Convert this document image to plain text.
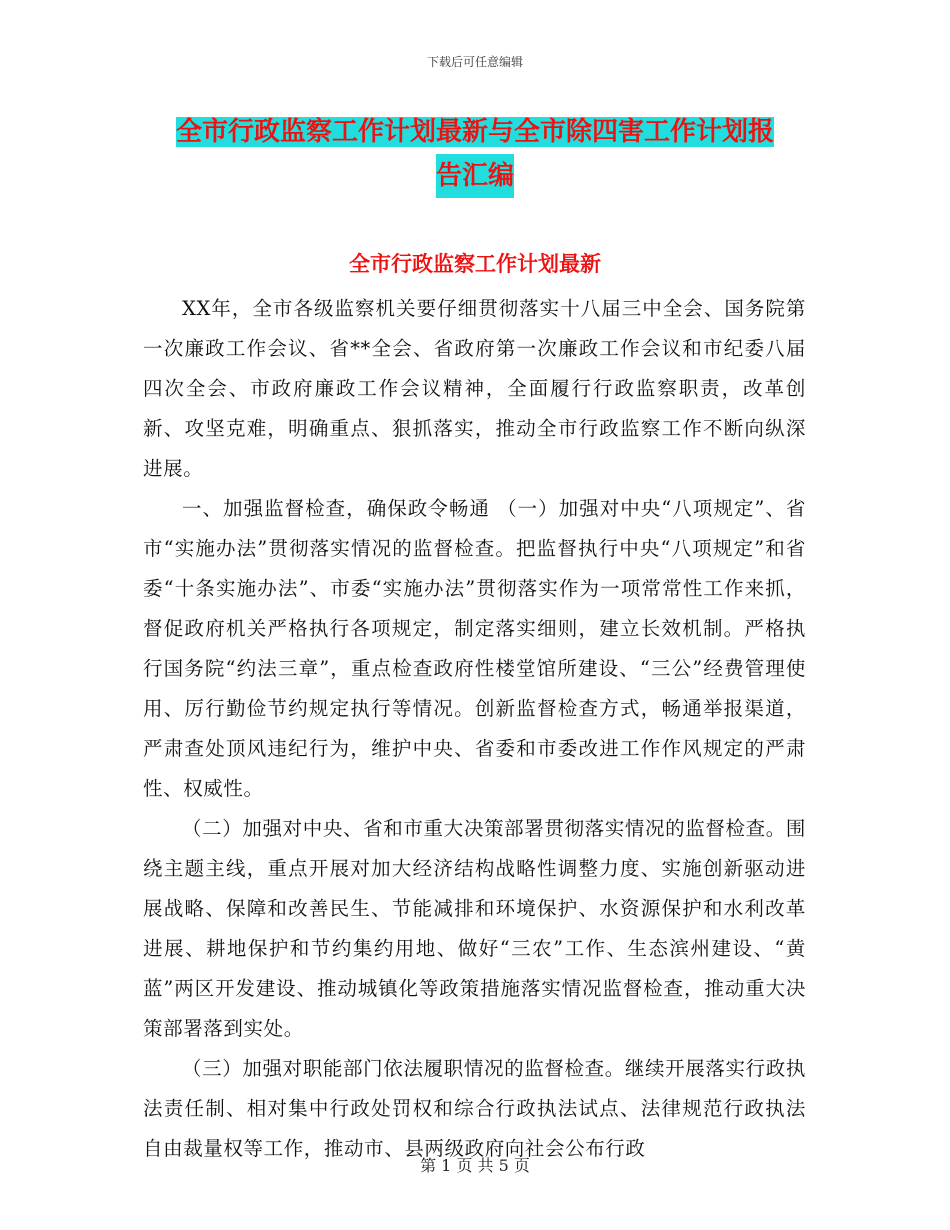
下载后可任意编辑
全市行政监察工作计划最新与全市除四害工作计划报
告汇编
全市行政监察工作计划最新

XX年，全市各级监察机关要仔细贯彻落实十八届三中全会、国务院第一次廉政工作会议、省**全会、省政府第一次廉政工作会议和市纪委八届四次全会、市政府廉政工作会议精神，全面履行行政监察职责，改革创新、攻坚克难，明确重点、狠抓落实，推动全市行政监察工作不断向纵深进展。

一、加强监督检查，确保政令畅通 （一）加强对中央“八项规定”、省市“实施办法”贯彻落实情况的监督检查。把监督执行中央“八项规定”和省委“十条实施办法”、市委“实施办法”贯彻落实作为一项常常性工作来抓，督促政府机关严格执行各项规定，制定落实细则，建立长效机制。严格执行国务院“约法三章”，重点检查政府性楼堂馆所建设、“三公”经费管理使用、厉行勤俭节约规定执行等情况。创新监督检查方式，畅通举报渠道，严肃查处顶风违纪行为，维护中央、省委和市委改进工作作风规定的严肃性、权威性。

（二）加强对中央、省和市重大决策部署贯彻落实情况的监督检查。围绕主题主线，重点开展对加大经济结构战略性调整力度、实施创新驱动进展战略、保障和改善民生、节能减排和环境保护、水资源保护和水利改革进展、耕地保护和节约集约用地、做好“三农”工作、生态滨州建设、“黄蓝”两区开发建设、推动城镇化等政策措施落实情况监督检查，推动重大决策部署落到实处。

（三）加强对职能部门依法履职情况的监督检查。继续开展落实行政执法责任制、相对集中行政处罚权和综合行政执法试点、法律规范行政执法自由裁量权等工作，推动市、县两级政府向社会公布行政

第 1 页 共 5 页
